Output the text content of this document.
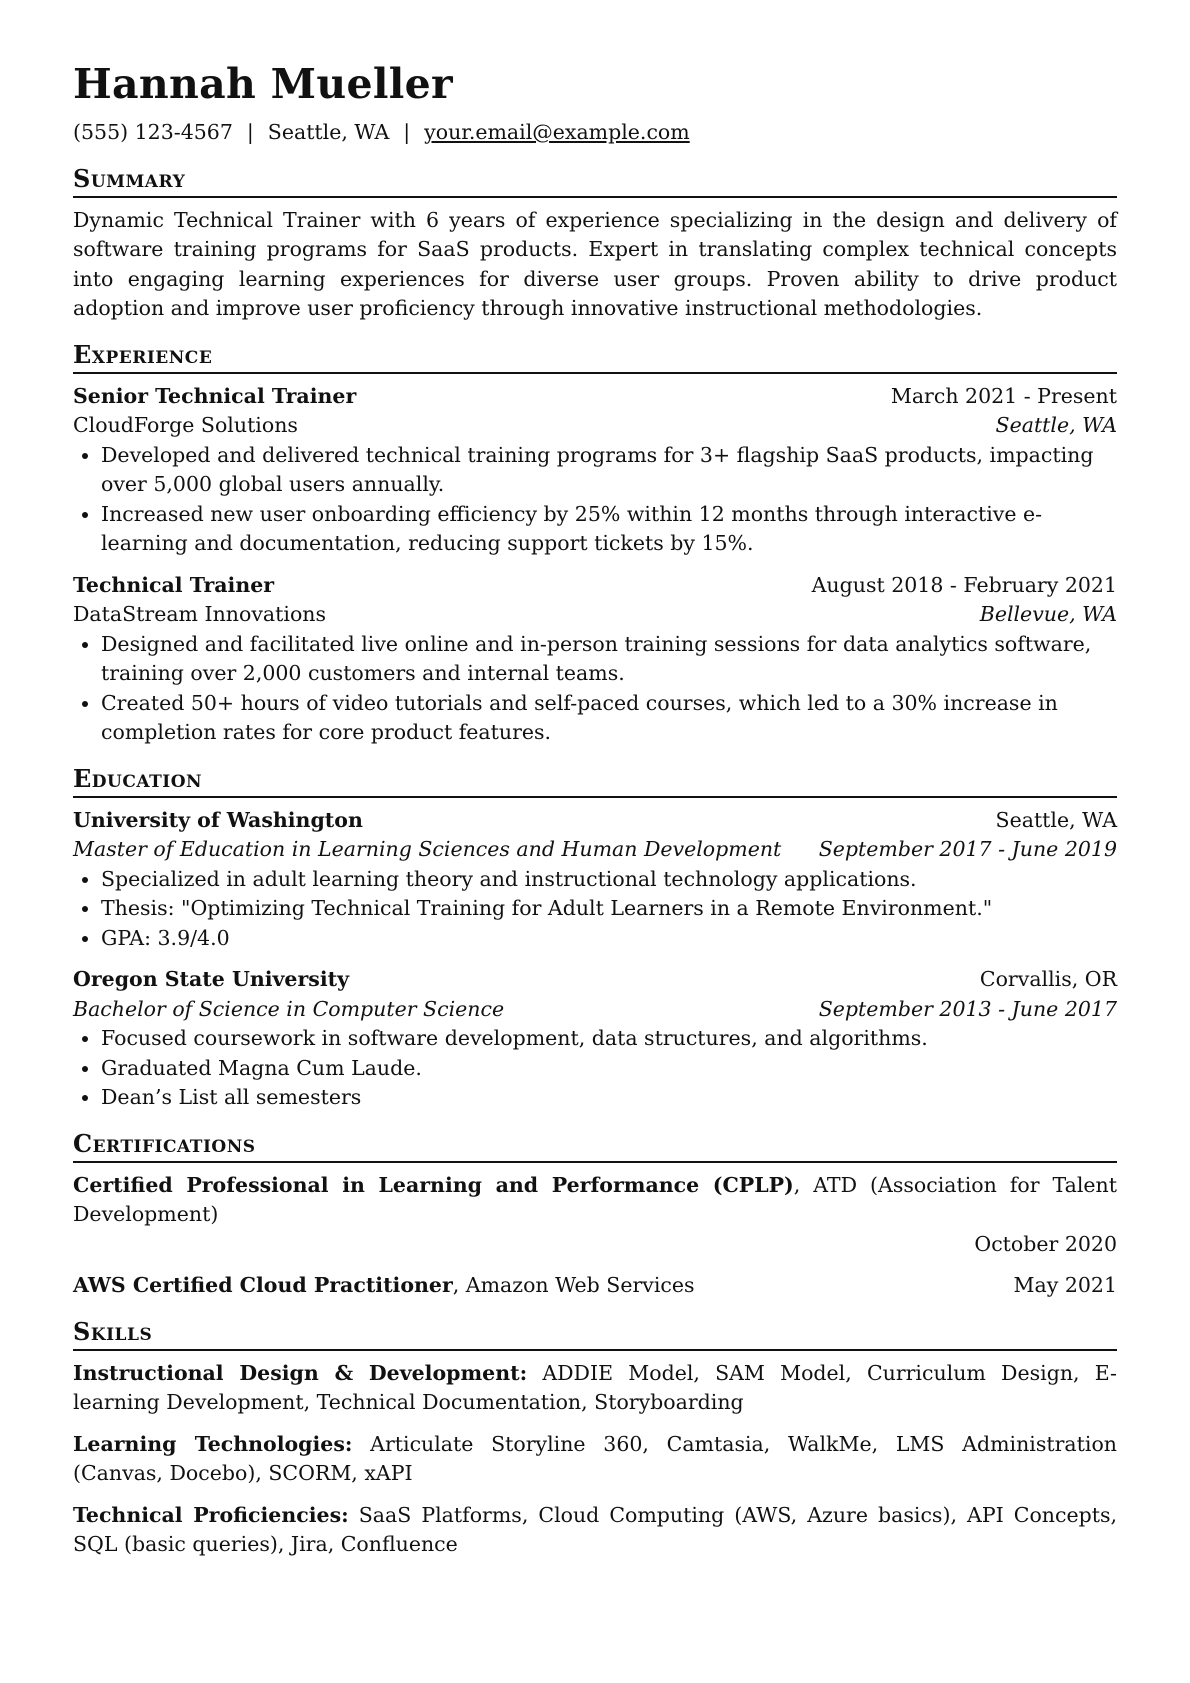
Hannah Mueller
(555) 123-4567 | Seattle, WA | your.email@example.com
Summary
Dynamic Technical Trainer with 6 years of experience specializing in the design and delivery of software training programs for SaaS products. Expert in translating complex technical concepts into engaging learning experiences for diverse user groups. Proven ability to drive product adoption and improve user proficiency through innovative instructional methodologies.
Experience
Senior Technical Trainer	March 2021 - Present
CloudForge Solutions	Seattle, WA
• Developed and delivered technical training programs for 3+ flagship SaaS products, impacting over 5,000 global users annually.
• Increased new user onboarding efficiency by 25% within 12 months through interactive e-learning and documentation, reducing support tickets by 15%.
Technical Trainer	August 2018 - February 2021
DataStream Innovations	Bellevue, WA
• Designed and facilitated live online and in-person training sessions for data analytics software, training over 2,000 customers and internal teams.
• Created 50+ hours of video tutorials and self-paced courses, which led to a 30% increase in completion rates for core product features.
Education
University of Washington	Seattle, WA
Master of Education in Learning Sciences and Human Development September 2017 - June 2019
• Specialized in adult learning theory and instructional technology applications.
• Thesis: "Optimizing Technical Training for Adult Learners in a Remote Environment."
• GPA: 3.9/4.0
Oregon State University	Corvallis, OR
Bachelor of Science in Computer Science	September 2013 - June 2017
• Focused coursework in software development, data structures, and algorithms.
• Graduated Magna Cum Laude.
• Dean’s List all semesters
Certifications
Certified Professional in Learning and Performance (CPLP), ATD (Association for Talent Development)
October 2020
AWS Certified Cloud Practitioner, Amazon Web Services	May 2021
Skills
Instructional Design & Development: ADDIE Model, SAM Model, Curriculum Design, E-learning Development, Technical Documentation, Storyboarding
Learning Technologies: Articulate Storyline 360, Camtasia, WalkMe, LMS Administration (Canvas, Docebo), SCORM, xAPI
Technical Proficiencies: SaaS Platforms, Cloud Computing (AWS, Azure basics), API Concepts, SQL (basic queries), Jira, Confluence
